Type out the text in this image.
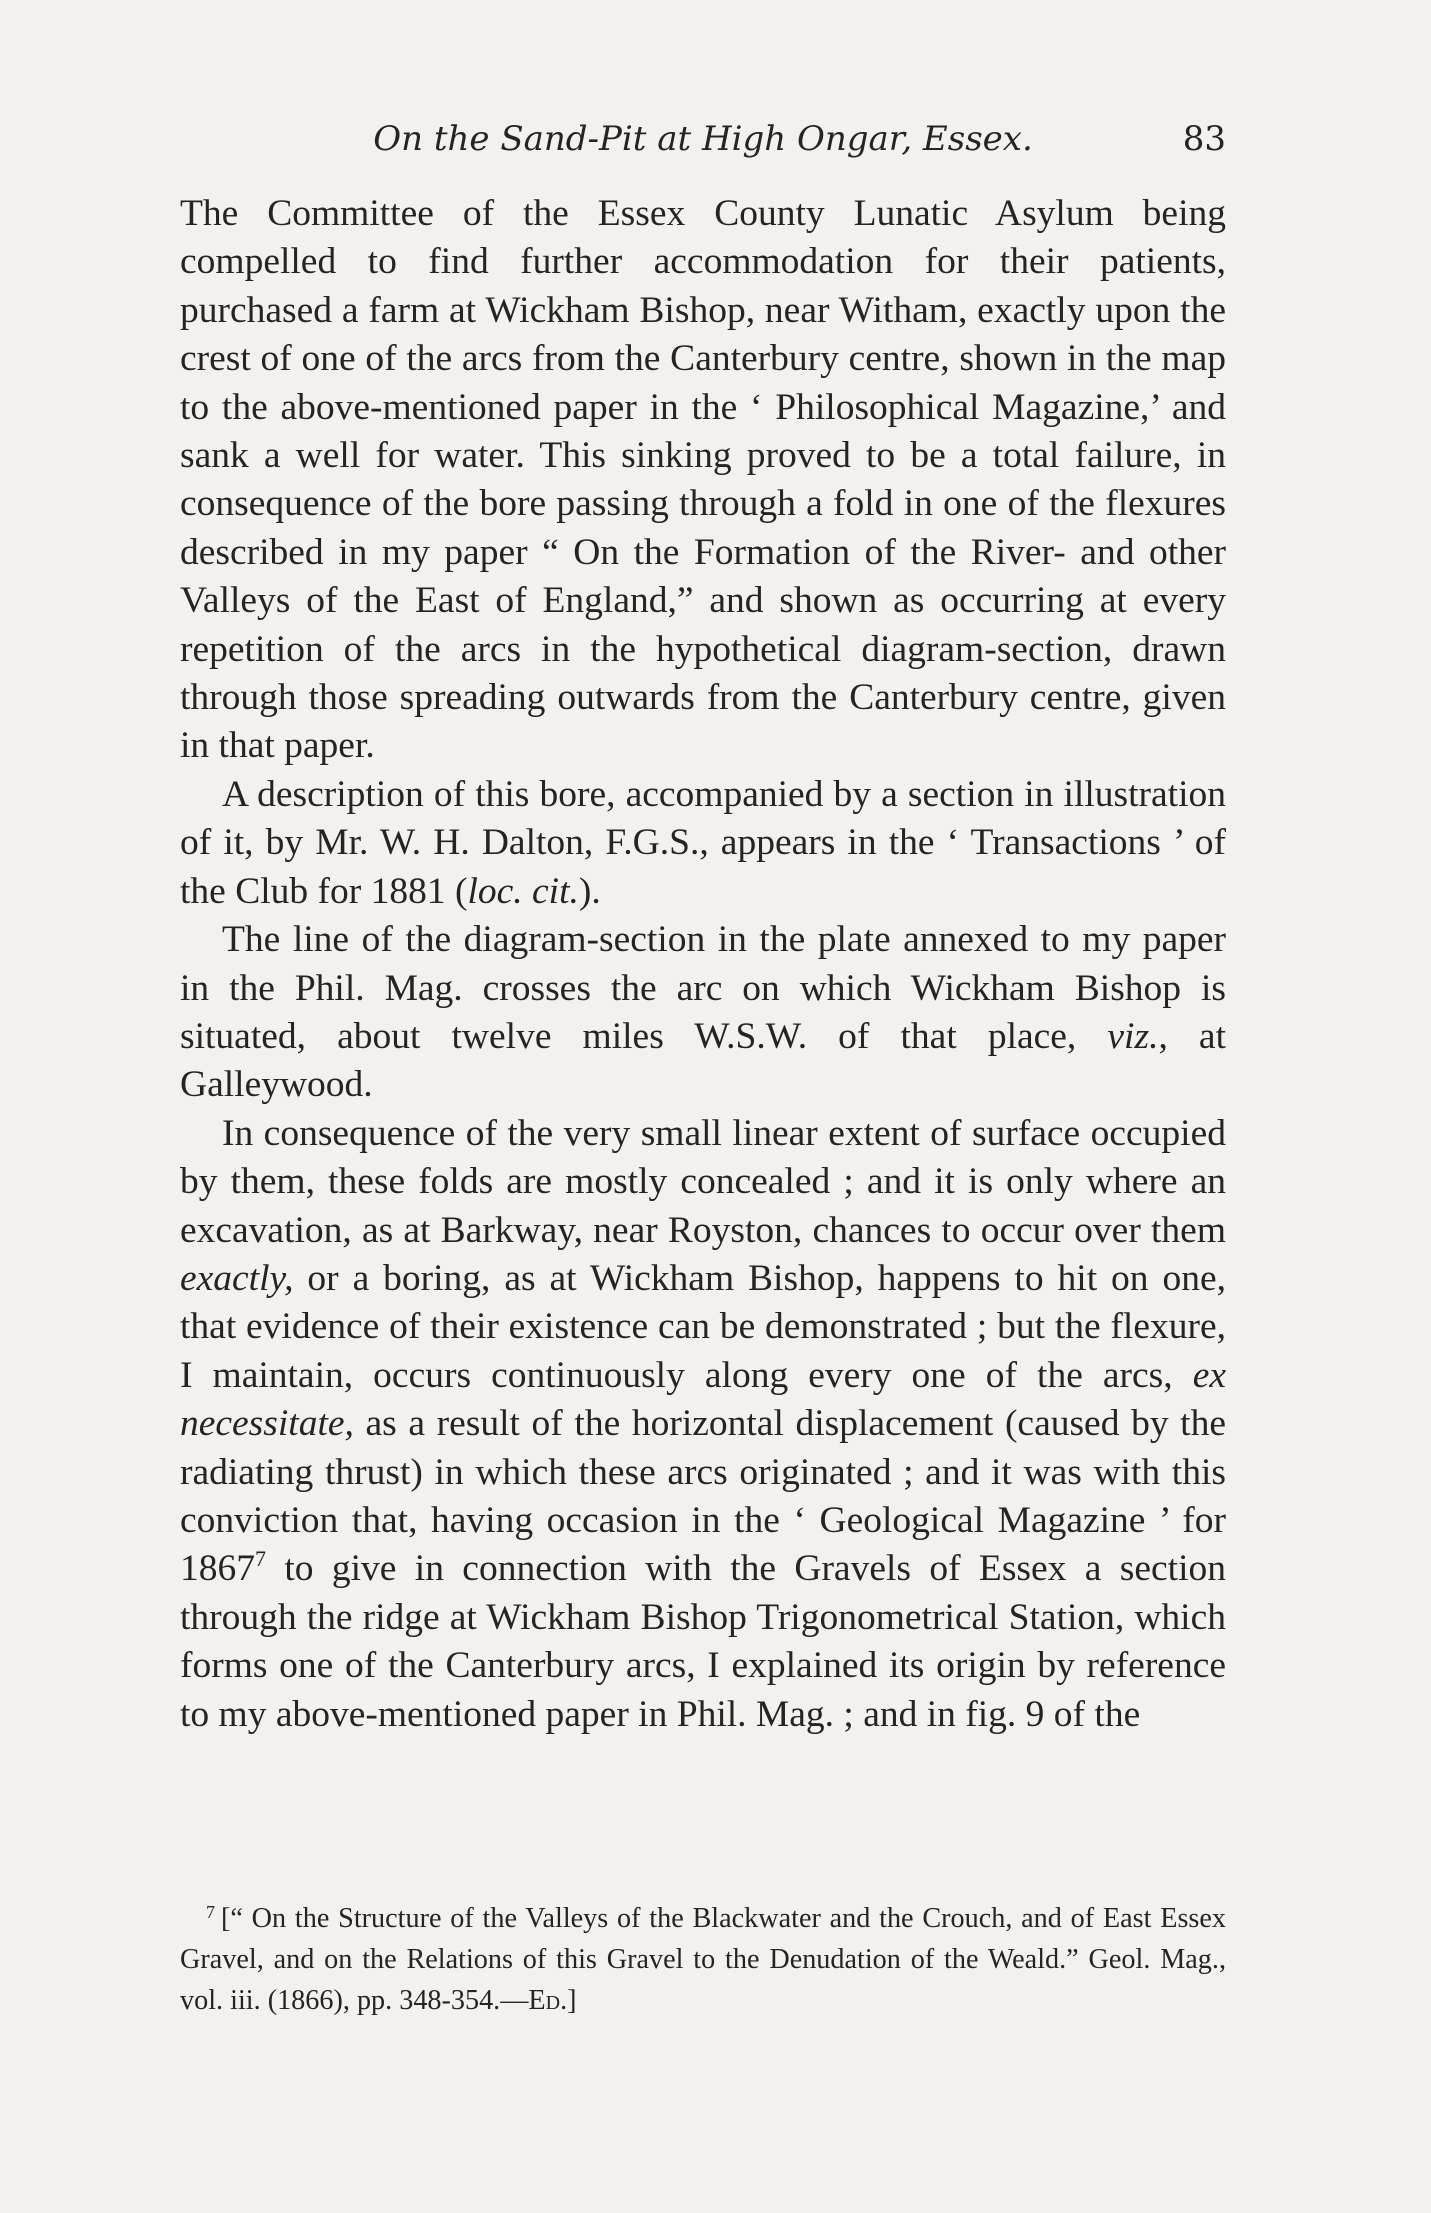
On the Sand-Pit at High Ongar, Essex.	83

The Committee of the Essex County Lunatic Asylum being compelled to find further accommodation for their patients, purchased a farm at Wickham Bishop, near Witham, exactly upon the crest of one of the arcs from the Canterbury centre, shown in the map to the above-mentioned paper in the ‘ Philosophical Magazine,’ and sank a well for water. This sinking proved to be a total failure, in consequence of the bore passing through a fold in one of the flexures described in my paper “ On the Formation of the River- and other Valleys of the East of England,” and shown as occurring at every repetition of the arcs in the hypothetical diagram-section, drawn through those spreading outwards from the Canterbury centre, given in that paper.

A description of this bore, accompanied by a section in illustration of it, by Mr. W. H. Dalton, F.G.S., appears in the ‘ Transactions ’ of the Club for 1881 (loc. cit.).

The line of the diagram-section in the plate annexed to my paper in the Phil. Mag. crosses the arc on which Wickham Bishop is situated, about twelve miles W.S.W. of that place, viz., at Galleywood.

In consequence of the very small linear extent of surface occupied by them, these folds are mostly concealed ; and it is only where an excavation, as at Barkway, near Royston, chances to occur over them exactly, or a boring, as at Wickham Bishop, happens to hit on one, that evidence of their existence can be demonstrated ; but the flexure, I maintain, occurs continuously along every one of the arcs, ex necessitate, as a result of the horizontal displacement (caused by the radiating thrust) in which these arcs originated ; and it was with this conviction that, having occasion in the ‘ Geological Magazine ’ for 1867$^7$ to give in connection with the Gravels of Essex a section through the ridge at Wickham Bishop Trigonometrical Station, which forms one of the Canterbury arcs, I explained its origin by reference to my above-mentioned paper in Phil. Mag. ; and in fig. 9 of the

$^7$ [“ On the Structure of the Valleys of the Blackwater and the Crouch, and of East Essex Gravel, and on the Relations of this Gravel to the Denudation of the Weald.” Geol. Mag., vol. iii. (1866), pp. 348-354.—Ed.]
